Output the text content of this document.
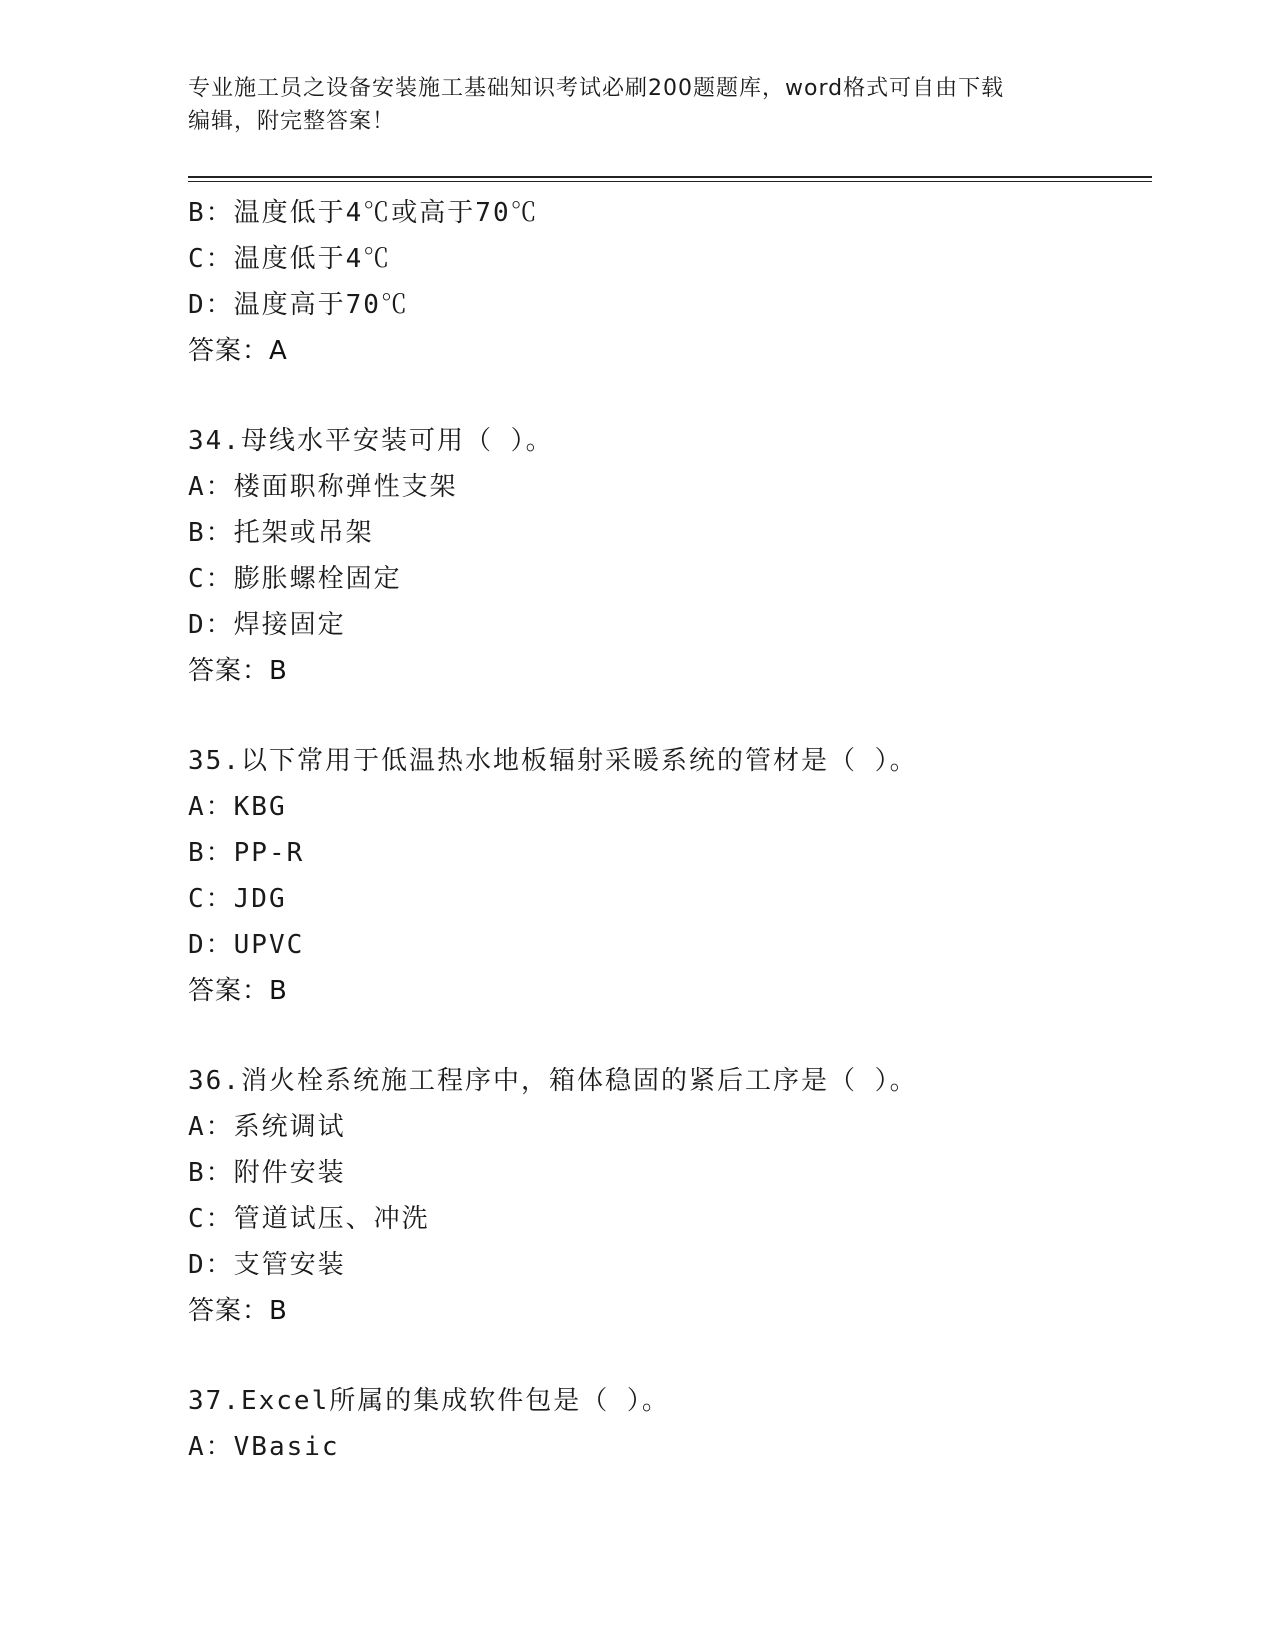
专业施工员之设备安装施工基础知识考试必刷200题题库，word格式可自由下载
编辑，附完整答案！
B：温度低于4℃或高于70℃
C：温度低于4℃
D：温度高于70℃
答案：A
34.母线水平安装可用（ ）。
A：楼面职称弹性支架
B：托架或吊架
C：膨胀螺栓固定
D：焊接固定
答案：B
35.以下常用于低温热水地板辐射采暖系统的管材是（ ）。
A：KBG
B：PP-R
C：JDG
D：UPVC
答案：B
36.消火栓系统施工程序中，箱体稳固的紧后工序是（ ）。
A：系统调试
B：附件安装
C：管道试压、冲洗
D：支管安装
答案：B
37.Excel所属的集成软件包是（ ）。
A：VBasic
